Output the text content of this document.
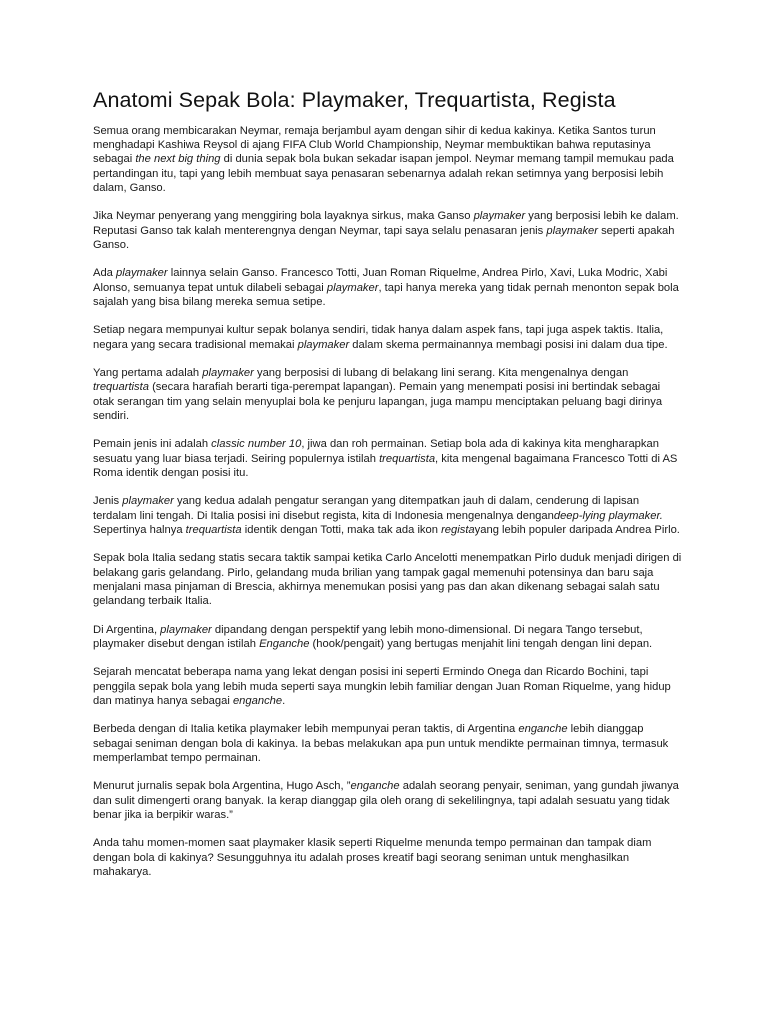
Anatomi Sepak Bola: Playmaker, Trequartista, Regista

Semua orang membicarakan Neymar, remaja berjambul ayam dengan sihir di kedua kakinya. Ketika Santos turun menghadapi Kashiwa Reysol di ajang FIFA Club World Championship, Neymar membuktikan bahwa reputasinya sebagai the next big thing di dunia sepak bola bukan sekadar isapan jempol. Neymar memang tampil memukau pada pertandingan itu, tapi yang lebih membuat saya penasaran sebenarnya adalah rekan setimnya yang berposisi lebih dalam, Ganso.

Jika Neymar penyerang yang menggiring bola layaknya sirkus, maka Ganso playmaker yang berposisi lebih ke dalam. Reputasi Ganso tak kalah menterengnya dengan Neymar, tapi saya selalu penasaran jenis playmaker seperti apakah Ganso.

Ada playmaker lainnya selain Ganso. Francesco Totti, Juan Roman Riquelme, Andrea Pirlo, Xavi, Luka Modric, Xabi Alonso, semuanya tepat untuk dilabeli sebagai playmaker, tapi hanya mereka yang tidak pernah menonton sepak bola sajalah yang bisa bilang mereka semua setipe.

Setiap negara mempunyai kultur sepak bolanya sendiri, tidak hanya dalam aspek fans, tapi juga aspek taktis. Italia, negara yang secara tradisional memakai playmaker dalam skema permainannya membagi posisi ini dalam dua tipe.

Yang pertama adalah playmaker yang berposisi di lubang di belakang lini serang. Kita mengenalnya dengan trequartista (secara harafiah berarti tiga-perempat lapangan). Pemain yang menempati posisi ini bertindak sebagai otak serangan tim yang selain menyuplai bola ke penjuru lapangan, juga mampu menciptakan peluang bagi dirinya sendiri.

Pemain jenis ini adalah classic number 10, jiwa dan roh permainan. Setiap bola ada di kakinya kita mengharapkan sesuatu yang luar biasa terjadi. Seiring populernya istilah trequartista, kita mengenal bagaimana Francesco Totti di AS Roma identik dengan posisi itu.

Jenis playmaker yang kedua adalah pengatur serangan yang ditempatkan jauh di dalam, cenderung di lapisan terdalam lini tengah. Di Italia posisi ini disebut regista, kita di Indonesia mengenalnya dengandeep-lying playmaker. Sepertinya halnya trequartista identik dengan Totti, maka tak ada ikon registayang lebih populer daripada Andrea Pirlo.

Sepak bola Italia sedang statis secara taktik sampai ketika Carlo Ancelotti menempatkan Pirlo duduk menjadi dirigen di belakang garis gelandang. Pirlo, gelandang muda brilian yang tampak gagal memenuhi potensinya dan baru saja menjalani masa pinjaman di Brescia, akhirnya menemukan posisi yang pas dan akan dikenang sebagai salah satu gelandang terbaik Italia.

Di Argentina, playmaker dipandang dengan perspektif yang lebih mono-dimensional. Di negara Tango tersebut, playmaker disebut dengan istilah Enganche (hook/pengait) yang bertugas menjahit lini tengah dengan lini depan.

Sejarah mencatat beberapa nama yang lekat dengan posisi ini seperti Ermindo Onega dan Ricardo Bochini, tapi penggila sepak bola yang lebih muda seperti saya mungkin lebih familiar dengan Juan Roman Riquelme, yang hidup dan matinya hanya sebagai enganche.

Berbeda dengan di Italia ketika playmaker lebih mempunyai peran taktis, di Argentina enganche lebih dianggap sebagai seniman dengan bola di kakinya. Ia bebas melakukan apa pun untuk mendikte permainan timnya, termasuk memperlambat tempo permainan.

Menurut jurnalis sepak bola Argentina, Hugo Asch, ”enganche adalah seorang penyair, seniman, yang gundah jiwanya dan sulit dimengerti orang banyak. Ia kerap dianggap gila oleh orang di sekelilingnya, tapi adalah sesuatu yang tidak benar jika ia berpikir waras.”

Anda tahu momen-momen saat playmaker klasik seperti Riquelme menunda tempo permainan dan tampak diam dengan bola di kakinya? Sesungguhnya itu adalah proses kreatif bagi seorang seniman untuk menghasilkan mahakarya.
